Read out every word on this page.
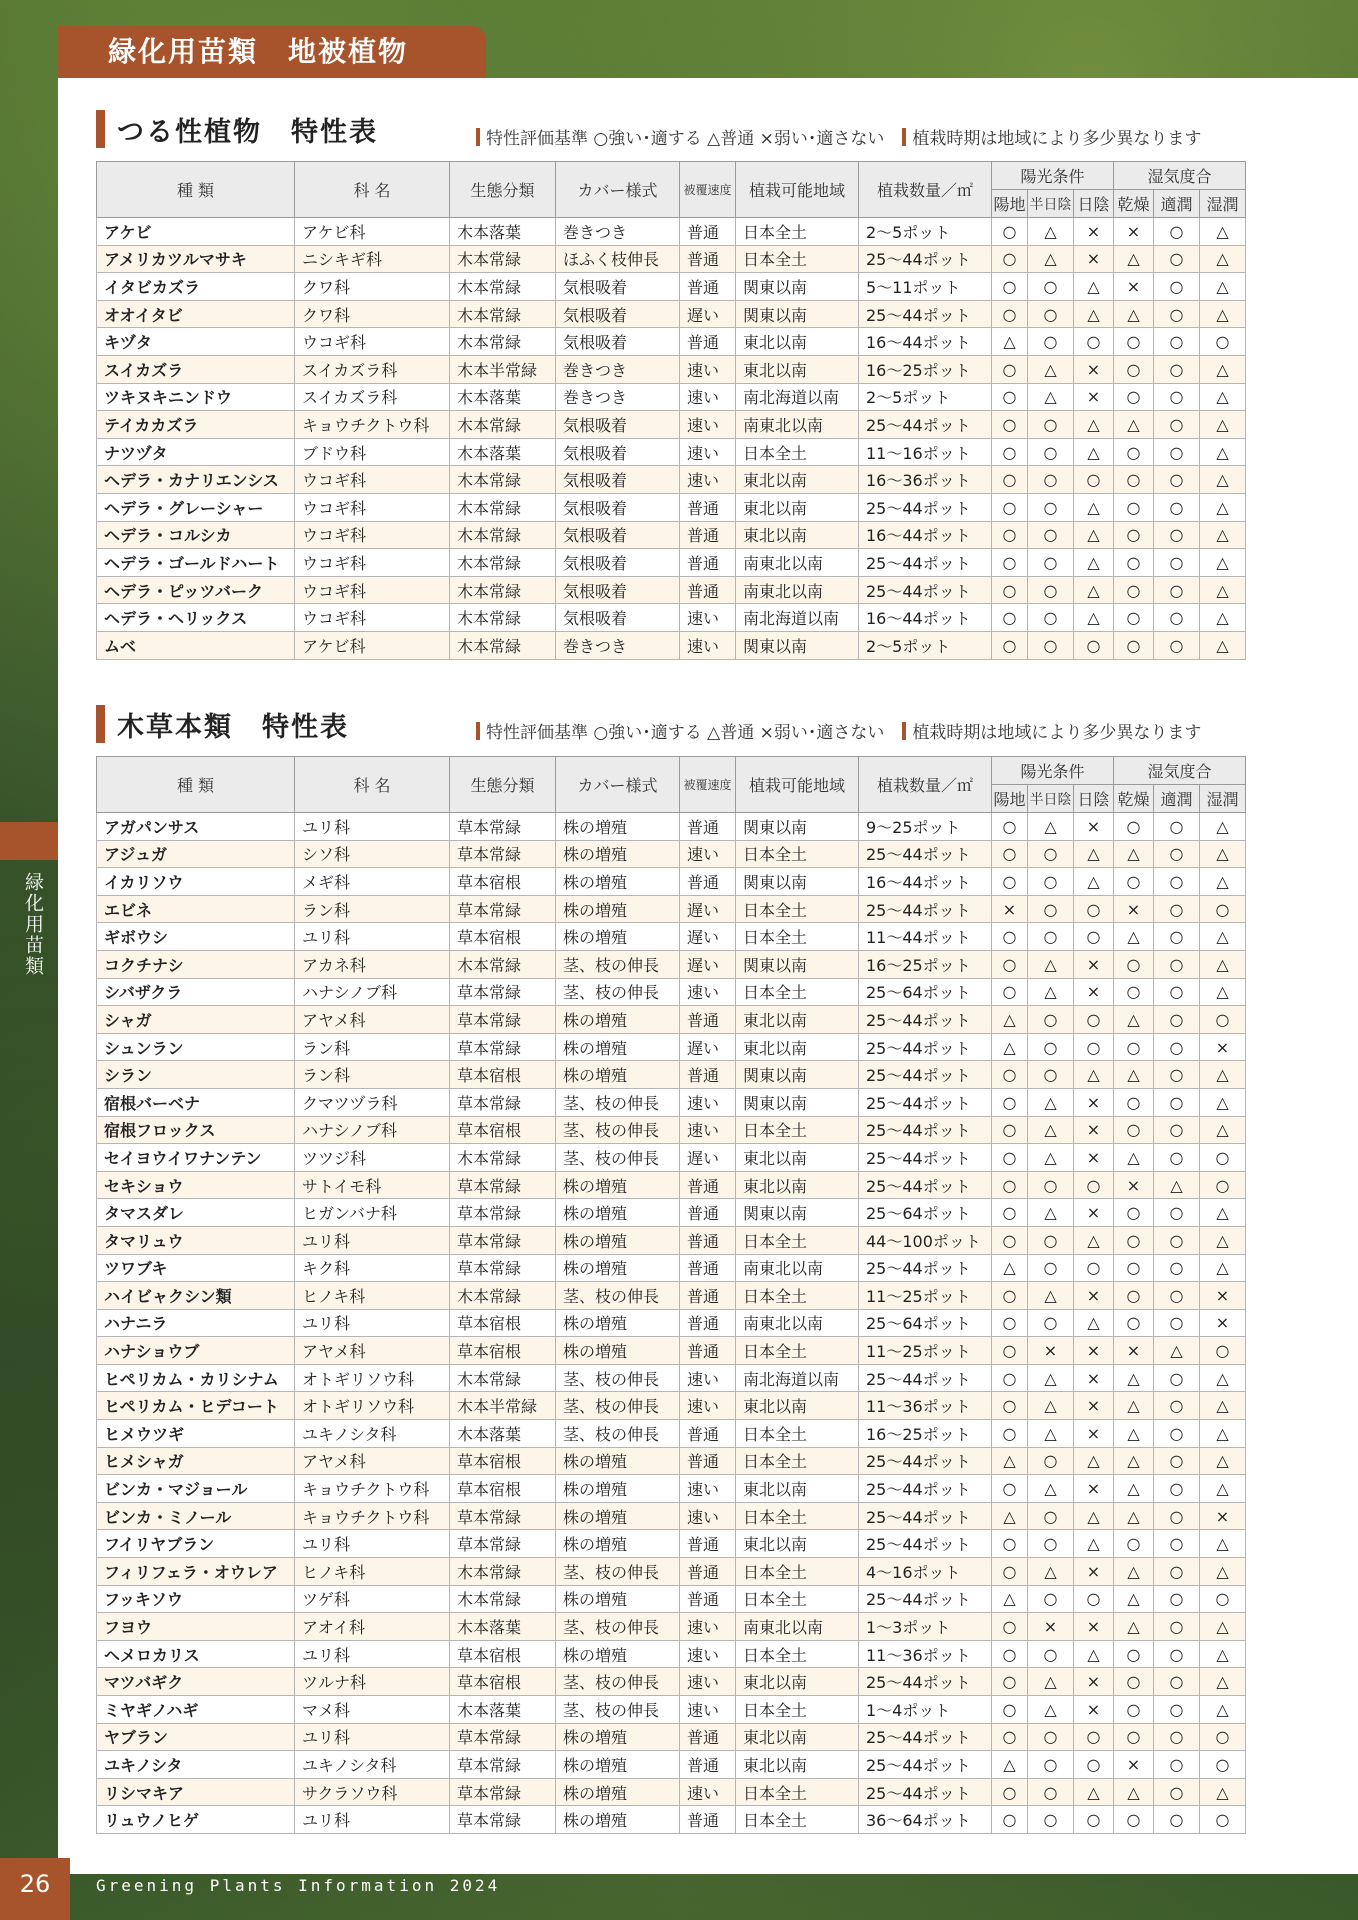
緑化用苗類　地被植物
緑化用苗類
つる性植物　特性表	特性評価基準 ○強い･適する △普通 ×弱い･適さない 植栽時期は地域により多少異なります
種 類	科 名	生態分類	カバー様式	被覆速度	植栽可能地域	植栽数量／㎡	陽光条件			湿気度合		
							陽地	半日陰	日陰	乾燥	適潤	湿潤
アケビ	アケビ科	木本落葉	巻きつき	普通	日本全土	2～5ポット	○	△	×	×	○	△
アメリカツルマサキ	ニシキギ科	木本常緑	ほふく枝伸長	普通	日本全土	25～44ポット	○	△	×	△	○	△
イタビカズラ	クワ科	木本常緑	気根吸着	普通	関東以南	5～11ポット	○	○	△	×	○	△
オオイタビ	クワ科	木本常緑	気根吸着	遅い	関東以南	25～44ポット	○	○	△	△	○	△
キヅタ	ウコギ科	木本常緑	気根吸着	普通	東北以南	16～44ポット	△	○	○	○	○	○
スイカズラ	スイカズラ科	木本半常緑	巻きつき	速い	東北以南	16～25ポット	○	△	×	○	○	△
ツキヌキニンドウ	スイカズラ科	木本落葉	巻きつき	速い	南北海道以南	2～5ポット	○	△	×	○	○	△
テイカカズラ	キョウチクトウ科	木本常緑	気根吸着	速い	南東北以南	25～44ポット	○	○	△	△	○	△
ナツヅタ	ブドウ科	木本落葉	気根吸着	速い	日本全土	11～16ポット	○	○	△	○	○	△
ヘデラ・カナリエンシス	ウコギ科	木本常緑	気根吸着	速い	東北以南	16～36ポット	○	○	○	○	○	△
ヘデラ・グレーシャー	ウコギ科	木本常緑	気根吸着	普通	東北以南	25～44ポット	○	○	△	○	○	△
ヘデラ・コルシカ	ウコギ科	木本常緑	気根吸着	普通	東北以南	16～44ポット	○	○	△	○	○	△
ヘデラ・ゴールドハート	ウコギ科	木本常緑	気根吸着	普通	南東北以南	25～44ポット	○	○	△	○	○	△
ヘデラ・ピッツバーク	ウコギ科	木本常緑	気根吸着	普通	南東北以南	25～44ポット	○	○	△	○	○	△
ヘデラ・ヘリックス	ウコギ科	木本常緑	気根吸着	速い	南北海道以南	16～44ポット	○	○	△	○	○	△
ムベ	アケビ科	木本常緑	巻きつき	速い	関東以南	2～5ポット	○	○	○	○	○	△
木草本類　特性表	特性評価基準 ○強い･適する △普通 ×弱い･適さない 植栽時期は地域により多少異なります
種 類	科 名	生態分類	カバー様式	被覆速度	植栽可能地域	植栽数量／㎡	陽光条件			湿気度合		
							陽地	半日陰	日陰	乾燥	適潤	湿潤
アガパンサス	ユリ科	草本常緑	株の増殖	普通	関東以南	9～25ポット	○	△	×	○	○	△
アジュガ	シソ科	草本常緑	株の増殖	速い	日本全土	25～44ポット	○	○	△	△	○	△
イカリソウ	メギ科	草本宿根	株の増殖	普通	関東以南	16～44ポット	○	○	△	○	○	△
エビネ	ラン科	草本常緑	株の増殖	遅い	日本全土	25～44ポット	×	○	○	×	○	○
ギボウシ	ユリ科	草本宿根	株の増殖	遅い	日本全土	11～44ポット	○	○	○	△	○	△
コクチナシ	アカネ科	木本常緑	茎、枝の伸長	遅い	関東以南	16～25ポット	○	△	×	○	○	△
シバザクラ	ハナシノブ科	草本常緑	茎、枝の伸長	速い	日本全土	25～64ポット	○	△	×	○	○	△
シャガ	アヤメ科	草本常緑	株の増殖	普通	東北以南	25～44ポット	△	○	○	△	○	○
シュンラン	ラン科	草本常緑	株の増殖	遅い	東北以南	25～44ポット	△	○	○	○	○	×
シラン	ラン科	草本宿根	株の増殖	普通	関東以南	25～44ポット	○	○	△	△	○	△
宿根バーベナ	クマツヅラ科	草本常緑	茎、枝の伸長	速い	関東以南	25～44ポット	○	△	×	○	○	△
宿根フロックス	ハナシノブ科	草本宿根	茎、枝の伸長	速い	日本全土	25～44ポット	○	△	×	○	○	△
セイヨウイワナンテン	ツツジ科	木本常緑	茎、枝の伸長	遅い	東北以南	25～44ポット	○	△	×	△	○	○
セキショウ	サトイモ科	草本常緑	株の増殖	普通	東北以南	25～44ポット	○	○	○	×	△	○
タマスダレ	ヒガンバナ科	草本常緑	株の増殖	普通	関東以南	25～64ポット	○	△	×	○	○	△
タマリュウ	ユリ科	草本常緑	株の増殖	普通	日本全土	44～100ポット	○	○	△	○	○	△
ツワブキ	キク科	草本常緑	株の増殖	普通	南東北以南	25～44ポット	△	○	○	○	○	△
ハイビャクシン類	ヒノキ科	木本常緑	茎、枝の伸長	普通	日本全土	11～25ポット	○	△	×	○	○	×
ハナニラ	ユリ科	草本宿根	株の増殖	普通	南東北以南	25～64ポット	○	○	△	○	○	×
ハナショウブ	アヤメ科	草本宿根	株の増殖	普通	日本全土	11～25ポット	○	×	×	×	△	○
ヒペリカム・カリシナム	オトギリソウ科	木本常緑	茎、枝の伸長	速い	南北海道以南	25～44ポット	○	△	×	△	○	△
ヒペリカム・ヒデコート	オトギリソウ科	木本半常緑	茎、枝の伸長	速い	東北以南	11～36ポット	○	△	×	△	○	△
ヒメウツギ	ユキノシタ科	木本落葉	茎、枝の伸長	普通	日本全土	16～25ポット	○	△	×	△	○	△
ヒメシャガ	アヤメ科	草本宿根	株の増殖	普通	日本全土	25～44ポット	△	○	△	△	○	△
ビンカ・マジョール	キョウチクトウ科	草本宿根	株の増殖	速い	東北以南	25～44ポット	○	△	×	△	○	△
ビンカ・ミノール	キョウチクトウ科	草本常緑	株の増殖	速い	日本全土	25～44ポット	△	○	△	△	○	×
フイリヤブラン	ユリ科	草本常緑	株の増殖	普通	東北以南	25～44ポット	○	○	△	○	○	△
フィリフェラ・オウレア	ヒノキ科	木本常緑	茎、枝の伸長	普通	日本全土	4～16ポット	○	△	×	△	○	△
フッキソウ	ツゲ科	木本常緑	株の増殖	普通	日本全土	25～44ポット	△	○	○	△	○	○
フヨウ	アオイ科	木本落葉	茎、枝の伸長	速い	南東北以南	1～3ポット	○	×	×	△	○	△
ヘメロカリス	ユリ科	草本宿根	株の増殖	速い	日本全土	11～36ポット	○	○	△	○	○	△
マツバギク	ツルナ科	草本宿根	茎、枝の伸長	速い	東北以南	25～44ポット	○	△	×	○	○	△
ミヤギノハギ	マメ科	木本落葉	茎、枝の伸長	速い	日本全土	1～4ポット	○	△	×	○	○	△
ヤブラン	ユリ科	草本常緑	株の増殖	普通	東北以南	25～44ポット	○	○	○	○	○	○
ユキノシタ	ユキノシタ科	草本常緑	株の増殖	普通	東北以南	25～44ポット	△	○	○	×	○	○
リシマキア	サクラソウ科	草本常緑	株の増殖	速い	日本全土	25～44ポット	○	○	△	△	○	△
リュウノヒゲ	ユリ科	草本常緑	株の増殖	普通	日本全土	36～64ポット	○	○	○	○	○	○
26	Greening Plants Information 2024
